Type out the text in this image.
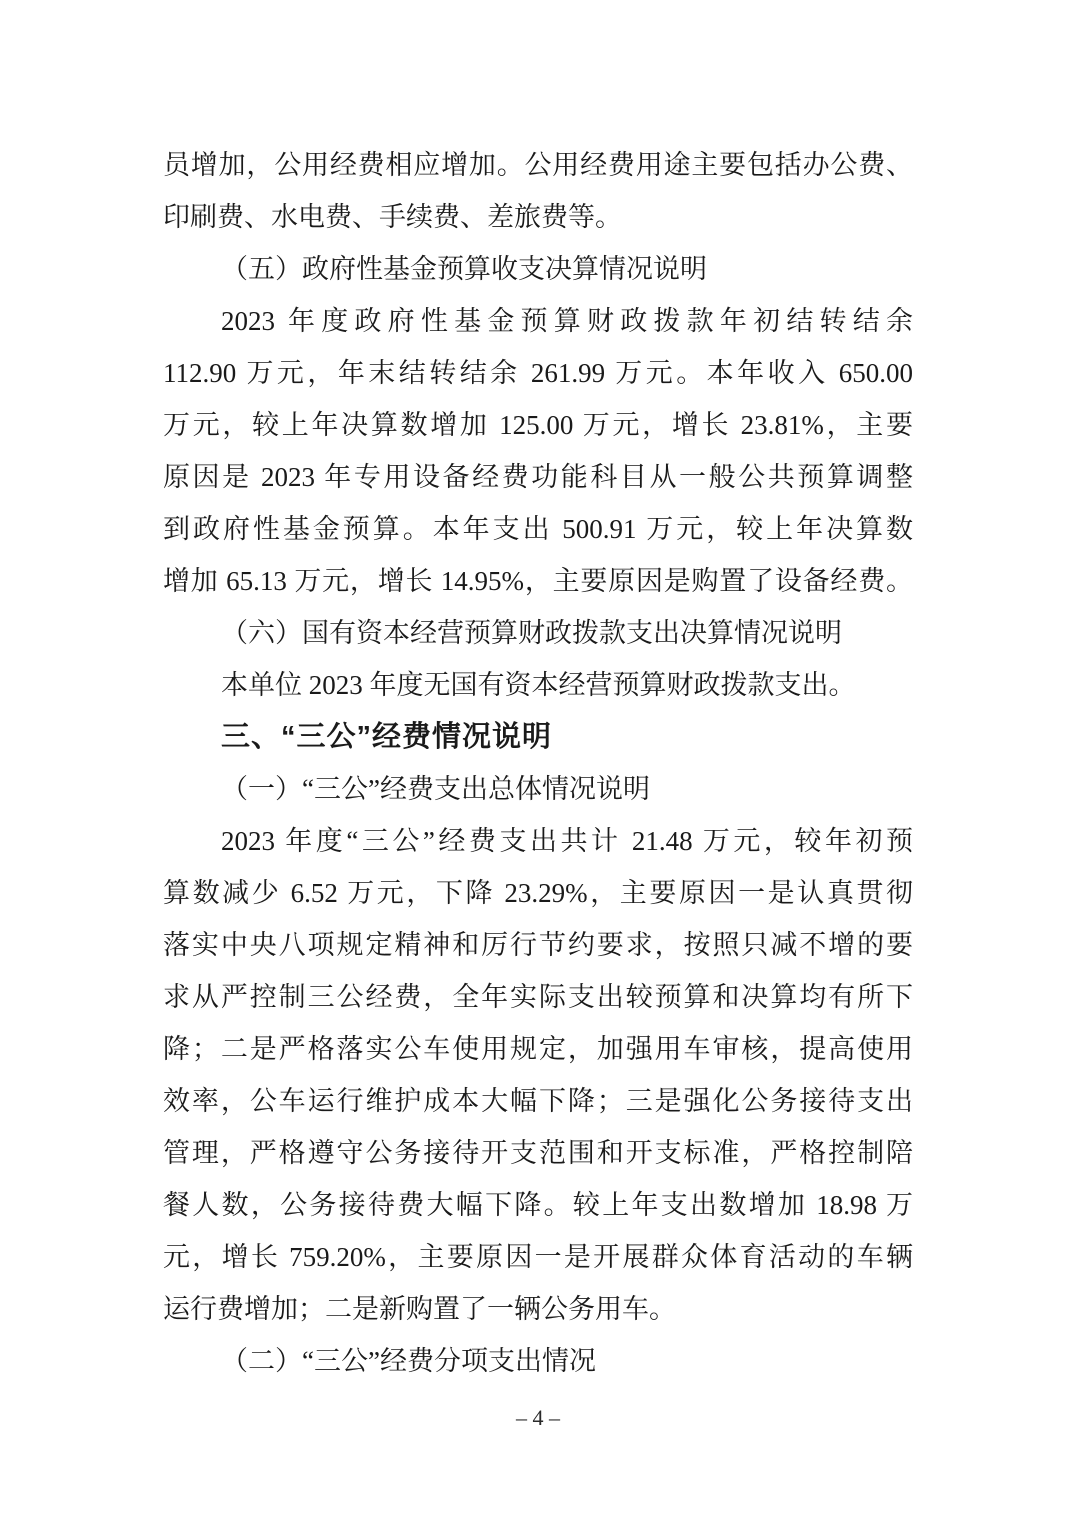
员增加，公用经费相应增加。公用经费用途主要包括办公费、
印刷费、水电费、手续费、差旅费等。
（五）政府性基金预算收支决算情况说明
2023 年度政府性基金预算财政拨款年初结转结余
112.90 万元，年末结转结余 261.99 万元。本年收入 650.00
万元，较上年决算数增加 125.00 万元，增长 23.81%，主要
原因是 2023 年专用设备经费功能科目从一般公共预算调整
到政府性基金预算。本年支出 500.91 万元，较上年决算数
增加 65.13 万元，增长 14.95%，主要原因是购置了设备经费。
（六）国有资本经营预算财政拨款支出决算情况说明
本单位 2023 年度无国有资本经营预算财政拨款支出。
三、“三公”经费情况说明
（一）“三公”经费支出总体情况说明
2023 年度“三公”经费支出共计 21.48 万元，较年初预
算数减少 6.52 万元，下降 23.29%，主要原因一是认真贯彻
落实中央八项规定精神和厉行节约要求，按照只减不增的要
求从严控制三公经费，全年实际支出较预算和决算均有所下
降；二是严格落实公车使用规定，加强用车审核，提高使用
效率，公车运行维护成本大幅下降；三是强化公务接待支出
管理，严格遵守公务接待开支范围和开支标准，严格控制陪
餐人数，公务接待费大幅下降。较上年支出数增加 18.98 万
元，增长 759.20%，主要原因一是开展群众体育活动的车辆
运行费增加；二是新购置了一辆公务用车。
（二）“三公”经费分项支出情况
– 4 –
